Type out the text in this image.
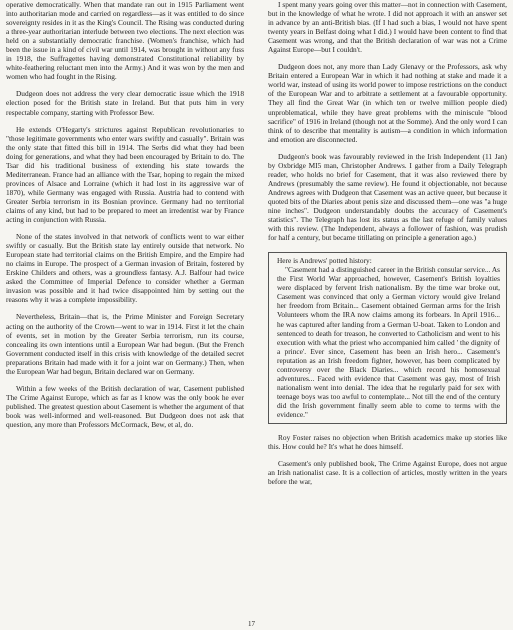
operative democratically. When that mandate ran out in 1915 Parliament went into authoritarian mode and carried on regardless—as it was entitled to do since sovereignty resides in it as the King's Council. The Rising was conducted during a three-year authoritarian interlude between two elections. The next election was held on a substantially democratic franchise. (Women's franchise, which had been the issue in a kind of civil war until 1914, was brought in without any fuss in 1918, the Suffragettes having demonstrated Constitutional reliability by white-feathering reluctant men into the Army.) And it was won by the men and women who had fought in the Rising.

Dudgeon does not address the very clear democratic issue which the 1918 election posed for the British state in Ireland. But that puts him in very respectable company, starting with Professor Bew.

He extends O'Hegarty's strictures against Republican revolutionaries to "those legitimate governments who enter wars swiftly and casually". Britain was the only state that fitted this bill in 1914. The Serbs did what they had been doing for generations, and what they had been encouraged by Britain to do. The Tsar did his traditional business of extending his state towards the Mediterranean. France had an alliance with the Tsar, hoping to regain the mixed provinces of Alsace and Lorraine (which it had lost in its aggressive war of 1870), while Germany was engaged with Russia. Austria had to contend with Greater Serbia terrorism in its Bosnian province. Germany had no territorial claims of any kind, but had to be prepared to meet an irredentist war by France acting in conjunction with Russia.

None of the states involved in that network of conflicts went to war either swiftly or casually. But the British state lay entirely outside that network. No European state had territorial claims on the British Empire, and the Empire had no claims in Europe. The prospect of a German invasion of Britain, fostered by Erskine Childers and others, was a groundless fantasy. A.J. Balfour had twice asked the Committee of Imperial Defence to consider whether a German invasion was possible and it had twice disappointed him by setting out the reasons why it was a complete impossibility.

Nevertheless, Britain—that is, the Prime Minister and Foreign Secretary acting on the authority of the Crown—went to war in 1914. First it let the chain of events, set in motion by the Greater Serbia terrorism, run its course, concealing its own intentions until a European War had begun. (But the French Government conducted itself in this crisis with knowledge of the detailed secret preparations Britain had made with it for a joint war on Germany.) Then, when the European War had begun, Britain declared war on Germany.

Within a few weeks of the British declaration of war, Casement published The Crime Against Europe, which as far as I know was the only book he ever published. The greatest question about Casement is whether the argument of that book was well-informed and well-reasoned. But Dudgeon does not ask that question, any more than Professors McCormack, Bew, et al, do.

I spent many years going over this matter—not in connection with Casement, but in the knowledge of what he wrote. I did not approach it with an answer set in advance by an anti-British bias. (If I had such a bias, I would not have spent twenty years in Belfast doing what I did.) I would have been content to find that Casement was wrong, and that the British declaration of war was not a Crime Against Europe—but I couldn't.

Dudgeon does not, any more than Lady Glenavy or the Professors, ask why Britain entered a European War in which it had nothing at stake and made it a world war, instead of using its world power to impose restrictions on the conduct of the European War and to arbitrate a settlement at a favourable opportunity. They all find the Great War (in which ten or twelve million people died) unproblematical, while they have great problems with the miniscule "blood sacrifice" of 1916 in Ireland (though not at the Somme). And the only word I can think of to describe that mentality is autism—a condition in which information and emotion are disconnected.

Dudgeon's book was favourably reviewed in the Irish Independent (11 Jan) by Oxbridge MI5 man, Christopher Andrews. I gather from a Daily Telegraph reader, who holds no brief for Casement, that it was also reviewed there by Andrews (presumably the same review). He found it objectionable, not because Andrews agrees with Dudgeon that Casement was an active queer, but because it quoted bits of the Diaries about penis size and discussed them—one was "a huge nine inches". Dudgeon understandably doubts the accuracy of Casement's statistics". The Telegraph has lost its status as the last refuge of family values with this review. (The Independent, always a follower of fashion, was prudish for half a century, but became titillating on principle a generation ago.)

Here is Andrews' potted history:

"Casement had a distinguished career in the British consular service... As the First World War approached, however, Casement's British loyalties were displaced by fervent Irish nationalism. By the time war broke out, Casement was convinced that only a German victory would give Ireland her freedom from Britain... Casement obtained German arms for the Irish Volunteers whom the IRA now claims among its forbears. In April 1916... he was captured after landing from a German U-boat. Taken to London and sentenced to death for treason, he converted to Catholicism and went to his execution with what the priest who accompanied him called ' the dignity of a prince'. Ever since, Casement has been an Irish hero... Casement's reputation as an Irish freedom fighter, however, has been complicated by controversy over the Black Diaries... which record his homosexual adventures... Faced with evidence that Casement was gay, most of Irish nationalism went into denial. The idea that he regularly paid for sex with teenage boys was too awful to contemplate... Not till the end of the century did the Irish government finally seem able to come to terms with the evidence."

Roy Foster raises no objection when British academics make up stories like this. How could he? It's what he does himself.

Casement's only published book, The Crime Against Europe, does not argue an Irish nationalist case. It is a collection of articles, mostly written in the years before the war,

17
